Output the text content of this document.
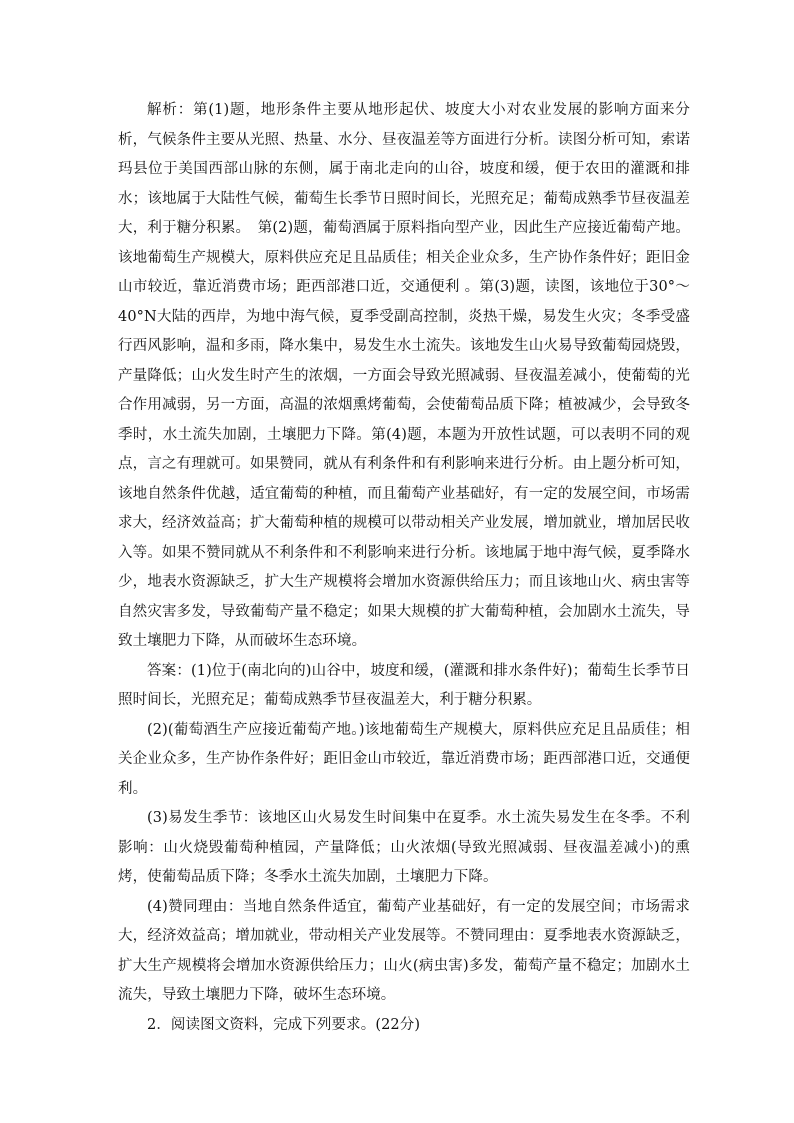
解析：第(1)题，地形条件主要从地形起伏、坡度大小对农业发展的影响方面来分析，气候条件主要从光照、热量、水分、昼夜温差等方面进行分析。读图分析可知，索诺玛县位于美国西部山脉的东侧，属于南北走向的山谷，坡度和缓，便于农田的灌溉和排水；该地属于大陆性气候，葡萄生长季节日照时间长，光照充足；葡萄成熟季节昼夜温差大，利于糖分积累。　第(2)题，葡萄酒属于原料指向型产业，因此生产应接近葡萄产地。该地葡萄生产规模大，原料供应充足且品质佳；相关企业众多，生产协作条件好；距旧金山市较近，靠近消费市场；距西部港口近，交通便利 。第(3)题，读图，该地位于30°～40°N大陆的西岸，为地中海气候，夏季受副高控制，炎热干燥，易发生火灾；冬季受盛行西风影响，温和多雨，降水集中，易发生水土流失。该地发生山火易导致葡萄园烧毁，产量降低；山火发生时产生的浓烟，一方面会导致光照减弱、昼夜温差减小，使葡萄的光合作用减弱，另一方面，高温的浓烟熏烤葡萄，会使葡萄品质下降；植被减少，会导致冬季时，水土流失加剧，土壤肥力下降。第(4)题，本题为开放性试题，可以表明不同的观点，言之有理就可。如果赞同，就从有利条件和有利影响来进行分析。由上题分析可知，该地自然条件优越，适宜葡萄的种植，而且葡萄产业基础好，有一定的发展空间，市场需求大，经济效益高；扩大葡萄种植的规模可以带动相关产业发展，增加就业，增加居民收入等。如果不赞同就从不利条件和不利影响来进行分析。该地属于地中海气候，夏季降水少，地表水资源缺乏，扩大生产规模将会增加水资源供给压力；而且该地山火、病虫害等自然灾害多发，导致葡萄产量不稳定；如果大规模的扩大葡萄种植，会加剧水土流失，导致土壤肥力下降，从而破坏生态环境。

答案：(1)位于(南北向的)山谷中，坡度和缓，(灌溉和排水条件好)；葡萄生长季节日照时间长，光照充足；葡萄成熟季节昼夜温差大，利于糖分积累。

(2)(葡萄酒生产应接近葡萄产地。)该地葡萄生产规模大，原料供应充足且品质佳；相关企业众多，生产协作条件好；距旧金山市较近，靠近消费市场；距西部港口近，交通便利。

(3)易发生季节：该地区山火易发生时间集中在夏季。水土流失易发生在冬季。不利影响：山火烧毁葡萄种植园，产量降低；山火浓烟(导致光照减弱、昼夜温差减小)的熏烤，使葡萄品质下降；冬季水土流失加剧，土壤肥力下降。

(4)赞同理由：当地自然条件适宜，葡萄产业基础好，有一定的发展空间；市场需求大，经济效益高；增加就业，带动相关产业发展等。不赞同理由：夏季地表水资源缺乏，扩大生产规模将会增加水资源供给压力；山火(病虫害)多发，葡萄产量不稳定；加剧水土流失，导致土壤肥力下降，破坏生态环境。

2．阅读图文资料，完成下列要求。(22分)
